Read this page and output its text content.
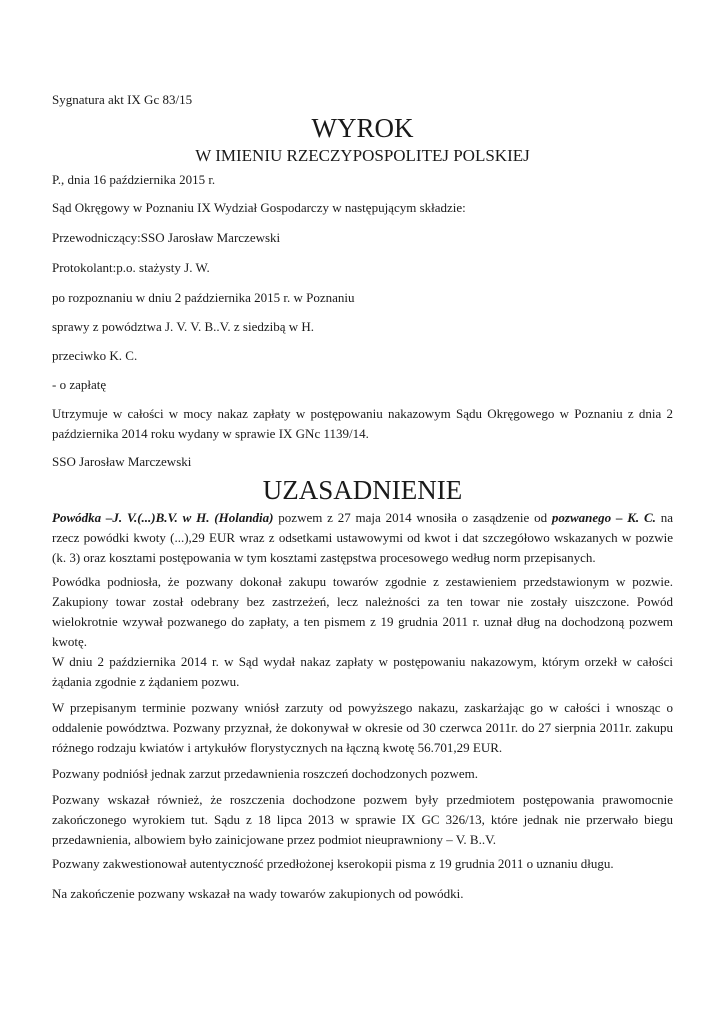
Sygnatura akt IX Gc 83/15

WYROK

W IMIENIU RZECZYPOSPOLITEJ POLSKIEJ

P., dnia 16 października 2015 r.

Sąd Okręgowy w Poznaniu IX Wydział Gospodarczy w następującym składzie:

Przewodniczący:SSO Jarosław Marczewski

Protokolant:p.o. stażysty J. W.

po rozpoznaniu w dniu 2 października 2015 r. w Poznaniu

sprawy z powództwa J. V. V. B..V. z siedzibą w H.

przeciwko K. C.

- o zapłatę

Utrzymuje w całości w mocy nakaz zapłaty w postępowaniu nakazowym Sądu Okręgowego w Poznaniu z dnia 2 października 2014 roku wydany w sprawie IX GNc 1139/14.

SSO Jarosław Marczewski

UZASADNIENIE

Powódka –J. V.(...)B.V. w H. (Holandia) pozwem z 27 maja 2014 wnosiła o zasądzenie od pozwanego – K. C. na rzecz powódki kwoty (...),29 EUR wraz z odsetkami ustawowymi od kwot i dat szczegółowo wskazanych w pozwie (k. 3) oraz kosztami postępowania w tym kosztami zastępstwa procesowego według norm przepisanych.

Powódka podniosła, że pozwany dokonał zakupu towarów zgodnie z zestawieniem przedstawionym w pozwie. Zakupiony towar został odebrany bez zastrzeżeń, lecz należności za ten towar nie zostały uiszczone. Powód wielokrotnie wzywał pozwanego do zapłaty, a ten pismem z 19 grudnia 2011 r. uznał dług na dochodzoną pozwem kwotę.

W dniu 2 października 2014 r. w Sąd wydał nakaz zapłaty w postępowaniu nakazowym, którym orzekł w całości żądania zgodnie z żądaniem pozwu.

W przepisanym terminie pozwany wniósł zarzuty od powyższego nakazu, zaskarżając go w całości i wnosząc o oddalenie powództwa. Pozwany przyznał, że dokonywał w okresie od 30 czerwca 2011r. do 27 sierpnia 2011r. zakupu różnego rodzaju kwiatów i artykułów florystycznych na łączną kwotę 56.701,29 EUR.

Pozwany podniósł jednak zarzut przedawnienia roszczeń dochodzonych pozwem.

Pozwany wskazał również, że roszczenia dochodzone pozwem były przedmiotem postępowania prawomocnie zakończonego wyrokiem tut. Sądu z 18 lipca 2013 w sprawie IX GC 326/13, które jednak nie przerwało biegu przedawnienia, albowiem było zainicjowane przez podmiot nieuprawniony – V. B..V.

Pozwany zakwestionował autentyczność przedłożonej kserokopii pisma z 19 grudnia 2011 o uznaniu długu.

Na zakończenie pozwany wskazał na wady towarów zakupionych od powódki.
